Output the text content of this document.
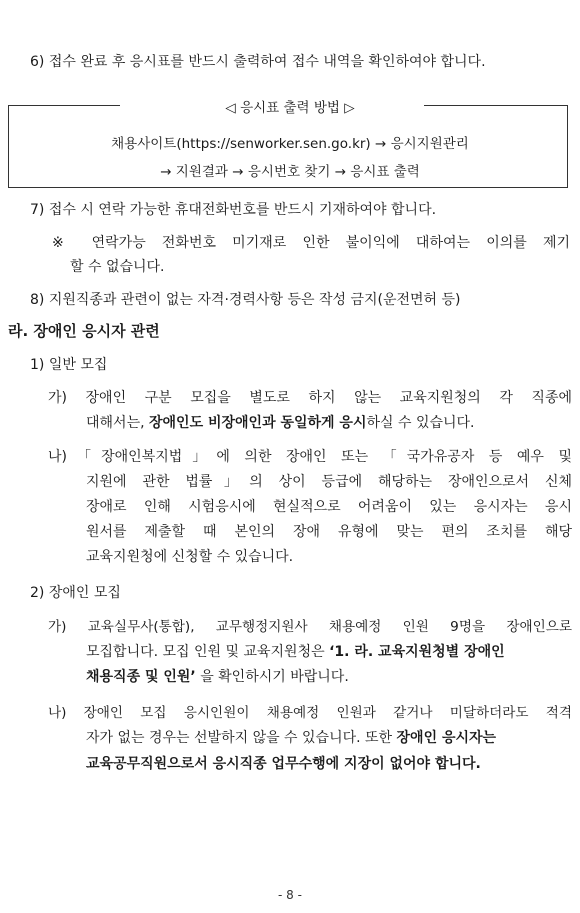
6) 접수 완료 후 응시표를 반드시 출력하여 접수 내역을 확인하여야 합니다.
◁ 응시표 출력 방법 ▷
채용사이트(https://senworker.sen.go.kr) → 응시지원관리
→ 지원결과 → 응시번호 찾기 → 응시표 출력
7) 접수 시 연락 가능한 휴대전화번호를 반드시 기재하여야 합니다.
※ 연락가능 전화번호 미기재로 인한 불이익에 대하여는 이의를 제기
할 수 없습니다.
8) 지원직종과 관련이 없는 자격·경력사항 등은 작성 금지(운전면허 등)
라. 장애인 응시자 관련
1) 일반 모집
가) 장애인 구분 모집을 별도로 하지 않는 교육지원청의 각 직종에
대해서는, 장애인도 비장애인과 동일하게 응시하실 수 있습니다.
나)「장애인복지법」에 의한 장애인 또는 「국가유공자 등 예우 및
지원에 관한 법률」의 상이 등급에 해당하는 장애인으로서 신체
장애로 인해 시험응시에 현실적으로 어려움이 있는 응시자는 응시
원서를 제출할 때 본인의 장애 유형에 맞는 편의 조치를 해당
교육지원청에 신청할 수 있습니다.
2) 장애인 모집
가) 교육실무사(통합), 교무행정지원사 채용예정 인원 9명을 장애인으로
모집합니다. 모집 인원 및 교육지원청은 ‘1. 라. 교육지원청별 장애인
채용직종 및 인원’ 을 확인하시기 바랍니다.
나) 장애인 모집 응시인원이 채용예정 인원과 같거나 미달하더라도 적격
자가 없는 경우는 선발하지 않을 수 있습니다. 또한 장애인 응시자는
교육공무직원으로서 응시직종 업무수행에 지장이 없어야 합니다.
- 8 -
